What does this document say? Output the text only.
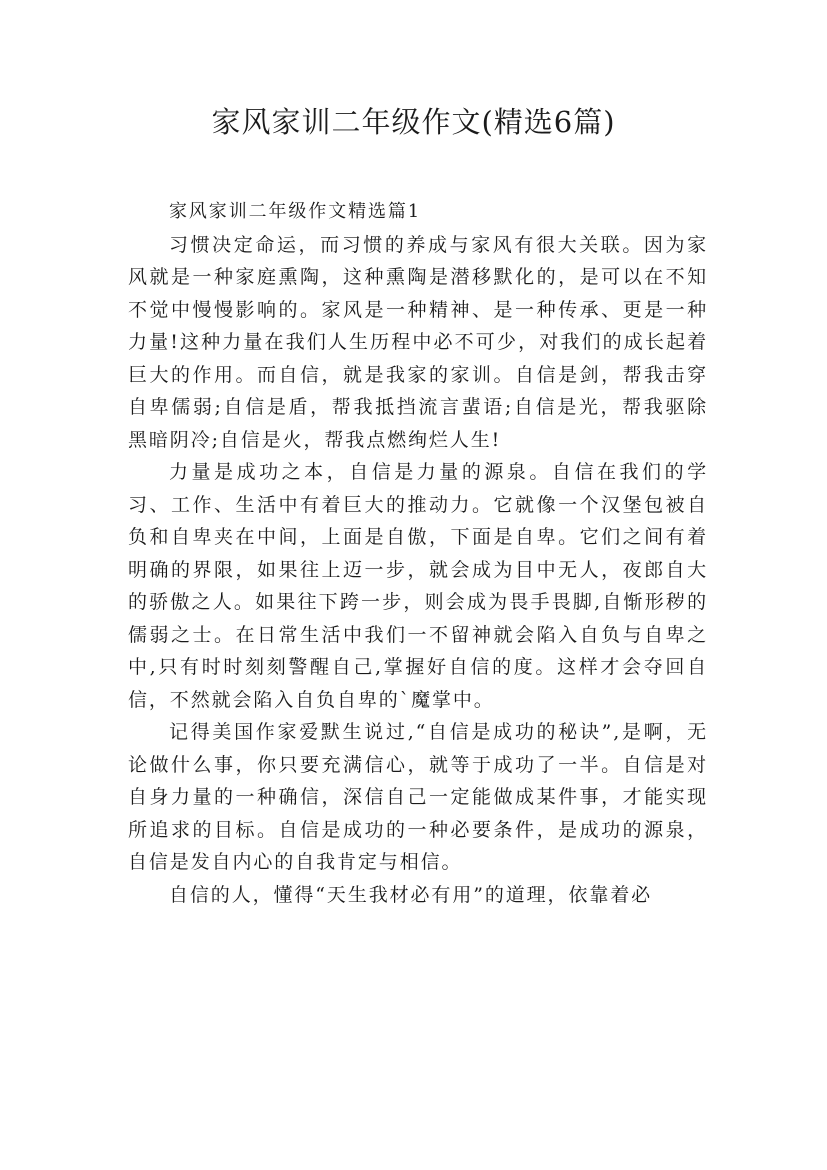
家风家训二年级作文(精选6篇)
家风家训二年级作文精选篇1

习惯决定命运，而习惯的养成与家风有很大关联。因为家风就是一种家庭熏陶，这种熏陶是潜移默化的，是可以在不知不觉中慢慢影响的。家风是一种精神、是一种传承、更是一种力量!这种力量在我们人生历程中必不可少，对我们的成长起着巨大的作用。而自信，就是我家的家训。自信是剑，帮我击穿自卑儒弱;自信是盾，帮我抵挡流言蜚语;自信是光，帮我驱除黑暗阴冷;自信是火，帮我点燃绚烂人生!

力量是成功之本，自信是力量的源泉。自信在我们的学习、工作、生活中有着巨大的推动力。它就像一个汉堡包被自负和自卑夹在中间，上面是自傲，下面是自卑。它们之间有着明确的界限，如果往上迈一步，就会成为目中无人，夜郎自大的骄傲之人。如果往下跨一步，则会成为畏手畏脚,自惭形秽的儒弱之士。在日常生活中我们一不留神就会陷入自负与自卑之中,只有时时刻刻警醒自己,掌握好自信的度。这样才会夺回自信，不然就会陷入自负自卑的`魔掌中。

记得美国作家爱默生说过,“自信是成功的秘诀”,是啊，无论做什么事，你只要充满信心，就等于成功了一半。自信是对自身力量的一种确信，深信自己一定能做成某件事，才能实现所追求的目标。自信是成功的一种必要条件，是成功的源泉，自信是发自内心的自我肯定与相信。

自信的人，懂得“天生我材必有用”的道理，依靠着必
